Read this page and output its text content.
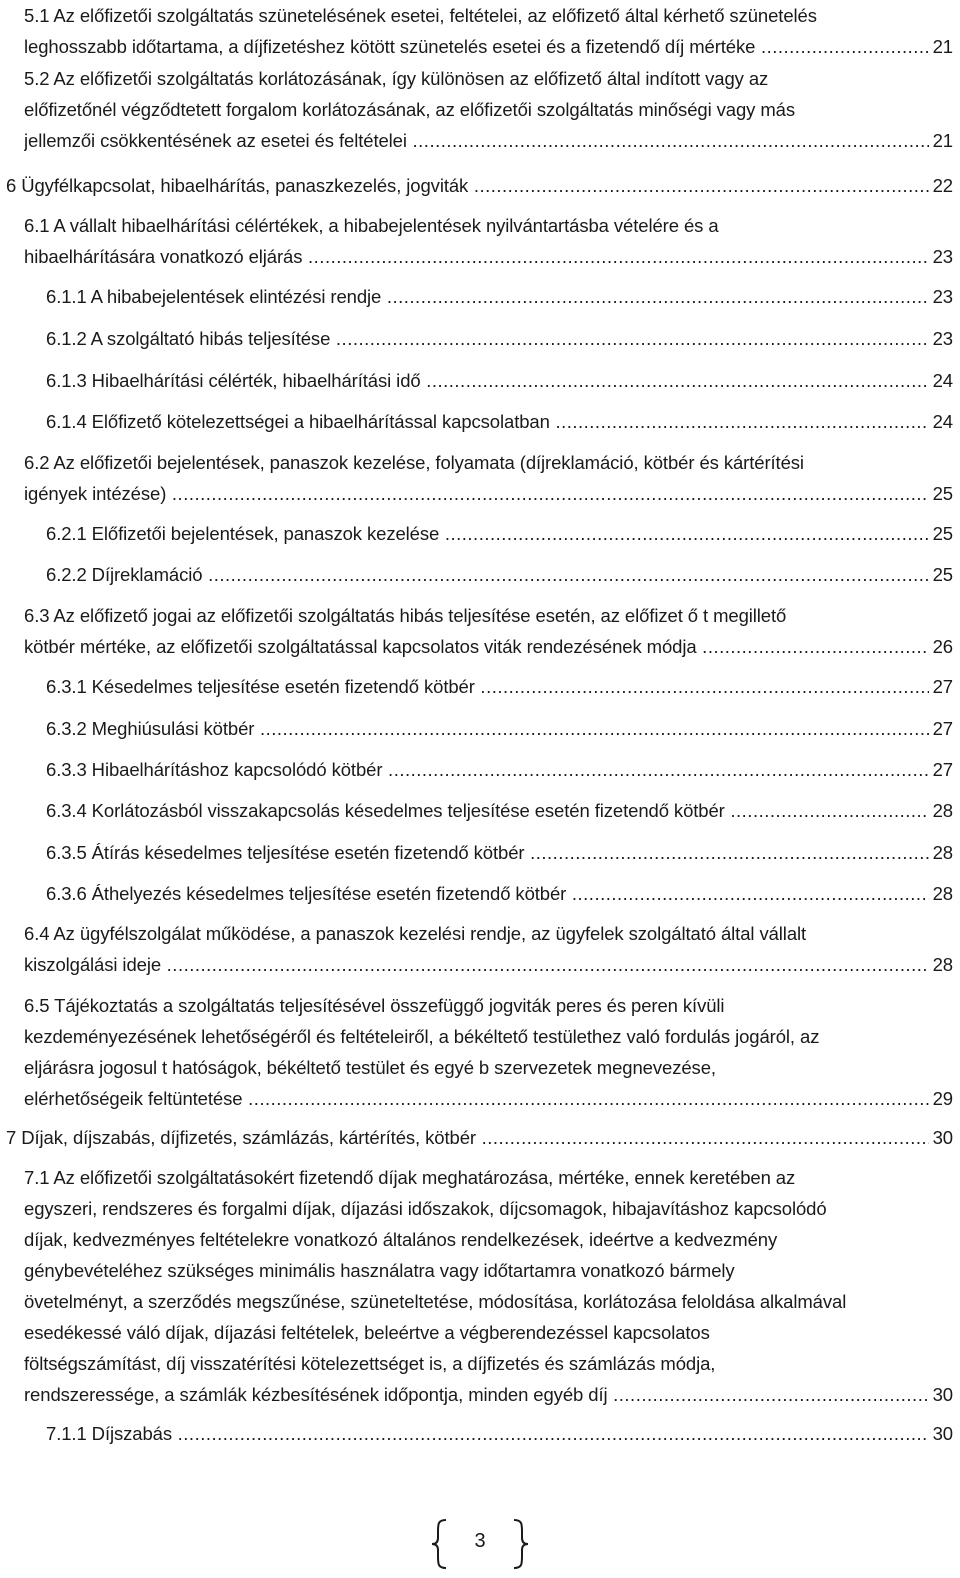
5.1 Az előfizetői szolgáltatás szünetelésének esetei, feltételei, az előfizető által kérhető szünetelés
leghosszabb időtartama, a díjfizetéshez kötött szünetelés esetei és a fizetendő díj mértéke .....	21
5.2 Az előfizetői szolgáltatás korlátozásának, így különösen az előfizető által indított vagy az
előfizetőnél végződtetett forgalom korlátozásának, az előfizetői szolgáltatás minőségi vagy más
jellemzői csökkentésének az esetei és feltételei .....	21
6 Ügyfélkapcsolat, hibaelhárítás, panaszkezelés, jogviták .....	22
6.1 A vállalt hibaelhárítási célértékek, a hibabejelentések nyilvántartásba vételére és a
hibaelhárítására vonatkozó eljárás .....	23
6.1.1 A hibabejelentések elintézési rendje .....	23
6.1.2 A szolgáltató hibás teljesítése .....	23
6.1.3 Hibaelhárítási célérték, hibaelhárítási idő .....	24
6.1.4 Előfizető kötelezettségei a hibaelhárítással kapcsolatban .....	24
6.2 Az előfizetői bejelentések, panaszok kezelése, folyamata (díjreklamáció, kötbér és kártérítési
igények intézése) .....	25
6.2.1 Előfizetői bejelentések, panaszok kezelése .....	25
6.2.2 Díjreklamáció .....	25
6.3 Az előfizető jogai az előfizetői szolgáltatás hibás teljesítése esetén, az előfizet ő t megillető
kötbér mértéke, az előfizetői szolgáltatással kapcsolatos viták rendezésének módja .....	26
6.3.1 Késedelmes teljesítése esetén fizetendő kötbér .....	27
6.3.2 Meghiúsulási kötbér .....	27
6.3.3 Hibaelhárításhoz kapcsolódó kötbér .....	27
6.3.4 Korlátozásból visszakapcsolás késedelmes teljesítése esetén fizetendő kötbér .....	28
6.3.5 Átírás késedelmes teljesítése esetén fizetendő kötbér .....	28
6.3.6 Áthelyezés késedelmes teljesítése esetén fizetendő kötbér .....	28
6.4 Az ügyfélszolgálat működése, a panaszok kezelési rendje, az ügyfelek szolgáltató által vállalt
kiszolgálási ideje .....	28
6.5 Tájékoztatás a szolgáltatás teljesítésével összefüggő jogviták peres és peren kívüli
kezdeményezésének lehetőségéről és feltételeiről, a békéltető testülethez való fordulás jogáról, az
eljárásra jogosul t hatóságok, békéltető testület és egyé b szervezetek megnevezése,
elérhetőségeik feltüntetése .....	29
7 Díjak, díjszabás, díjfizetés, számlázás, kártérítés, kötbér .....	30
7.1 Az előfizetői szolgáltatásokért fizetendő díjak meghatározása, mértéke, ennek keretében az
egyszeri, rendszeres és forgalmi díjak, díjazási időszakok, díjcsomagok, hibajavításhoz kapcsolódó
díjak, kedvezményes feltételekre vonatkozó általános rendelkezések, ideértve a kedvezmény
génybevételéhez szükséges minimális használatra vagy időtartamra vonatkozó bármely
övetelményt, a szerződés megszűnése, szüneteltetése, módosítása, korlátozása feloldása alkalmával
esedékessé váló díjak, díjazási feltételek, beleértve a végberendezéssel kapcsolatos
föltségszámítást, díj visszatérítési kötelezettséget is, a díjfizetés és számlázás módja,
rendszeressége, a számlák kézbesítésének időpontja, minden egyéb díj .....	30
7.1.1 Díjszabás .....	30
3
